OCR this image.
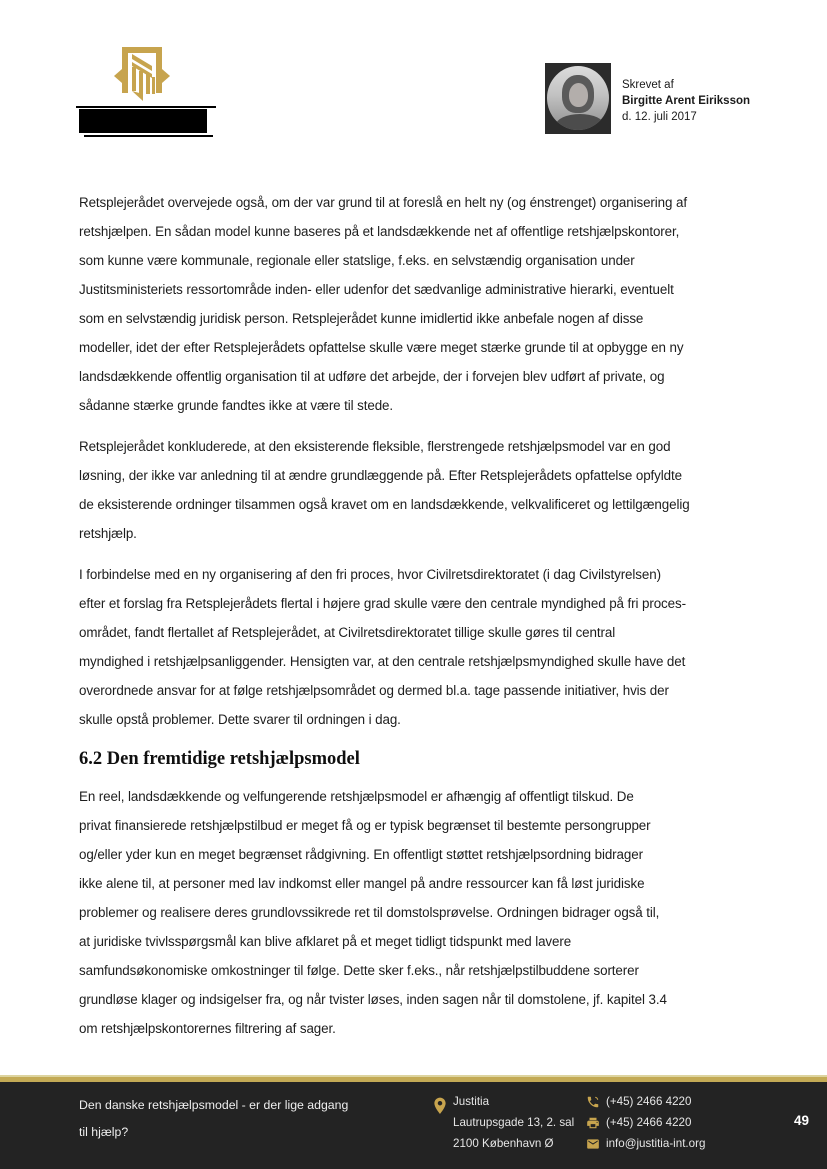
Skrevet af
Birgitte Arent Eiriksson
d. 12. juli 2017
Retsplejerådet overvejede også, om der var grund til at foreslå en helt ny (og énstrenget) organisering af
retshjælpen. En sådan model kunne baseres på et landsdækkende net af offentlige retshjælpskontorer,
som kunne være kommunale, regionale eller statslige, f.eks. en selvstændig organisation under
Justitsministeriets ressortområde inden- eller udenfor det sædvanlige administrative hierarki, eventuelt
som en selvstændig juridisk person. Retsplejerådet kunne imidlertid ikke anbefale nogen af disse
modeller, idet der efter Retsplejerådets opfattelse skulle være meget stærke grunde til at opbygge en ny
landsdækkende offentlig organisation til at udføre det arbejde, der i forvejen blev udført af private, og
sådanne stærke grunde fandtes ikke at være til stede.
Retsplejerådet konkluderede, at den eksisterende fleksible, flerstrengede retshjælpsmodel var en god
løsning, der ikke var anledning til at ændre grundlæggende på. Efter Retsplejerådets opfattelse opfyldte
de eksisterende ordninger tilsammen også kravet om en landsdækkende, velkvalificeret og lettilgængelig
retshjælp.
I forbindelse med en ny organisering af den fri proces, hvor Civilretsdirektoratet (i dag Civilstyrelsen)
efter et forslag fra Retsplejerådets flertal i højere grad skulle være den centrale myndighed på fri proces-
området, fandt flertallet af Retsplejerådet, at Civilretsdirektoratet tillige skulle gøres til central
myndighed i retshjælpsanliggender. Hensigten var, at den centrale retshjælpsmyndighed skulle have det
overordnede ansvar for at følge retshjælpsområdet og dermed bl.a. tage passende initiativer, hvis der
skulle opstå problemer. Dette svarer til ordningen i dag.
6.2 Den fremtidige retshjælpsmodel
En reel, landsdækkende og velfungerende retshjælpsmodel er afhængig af offentligt tilskud. De
privat finansierede retshjælpstilbud er meget få og er typisk begrænset til bestemte persongrupper
og/eller yder kun en meget begrænset rådgivning. En offentligt støttet retshjælpsordning bidrager
ikke alene til, at personer med lav indkomst eller mangel på andre ressourcer kan få løst juridiske
problemer og realisere deres grundlovssikrede ret til domstolsprøvelse. Ordningen bidrager også til,
at juridiske tvivlsspørgsmål kan blive afklaret på et meget tidligt tidspunkt med lavere
samfundsøkonomiske omkostninger til følge. Dette sker f.eks., når retshjælpstilbuddene sorterer
grundløse klager og indsigelser fra, og når tvister løses, inden sagen når til domstolene, jf. kapitel 3.4
om retshjælpskontorernes filtrering af sager.
Den danske retshjælpsmodel - er der lige adgang
til hjælp?
Justitia
Lautrupsgade 13, 2. sal
2100 København Ø
(+45) 2466 4220
(+45) 2466 4220
info@justitia-int.org
49
